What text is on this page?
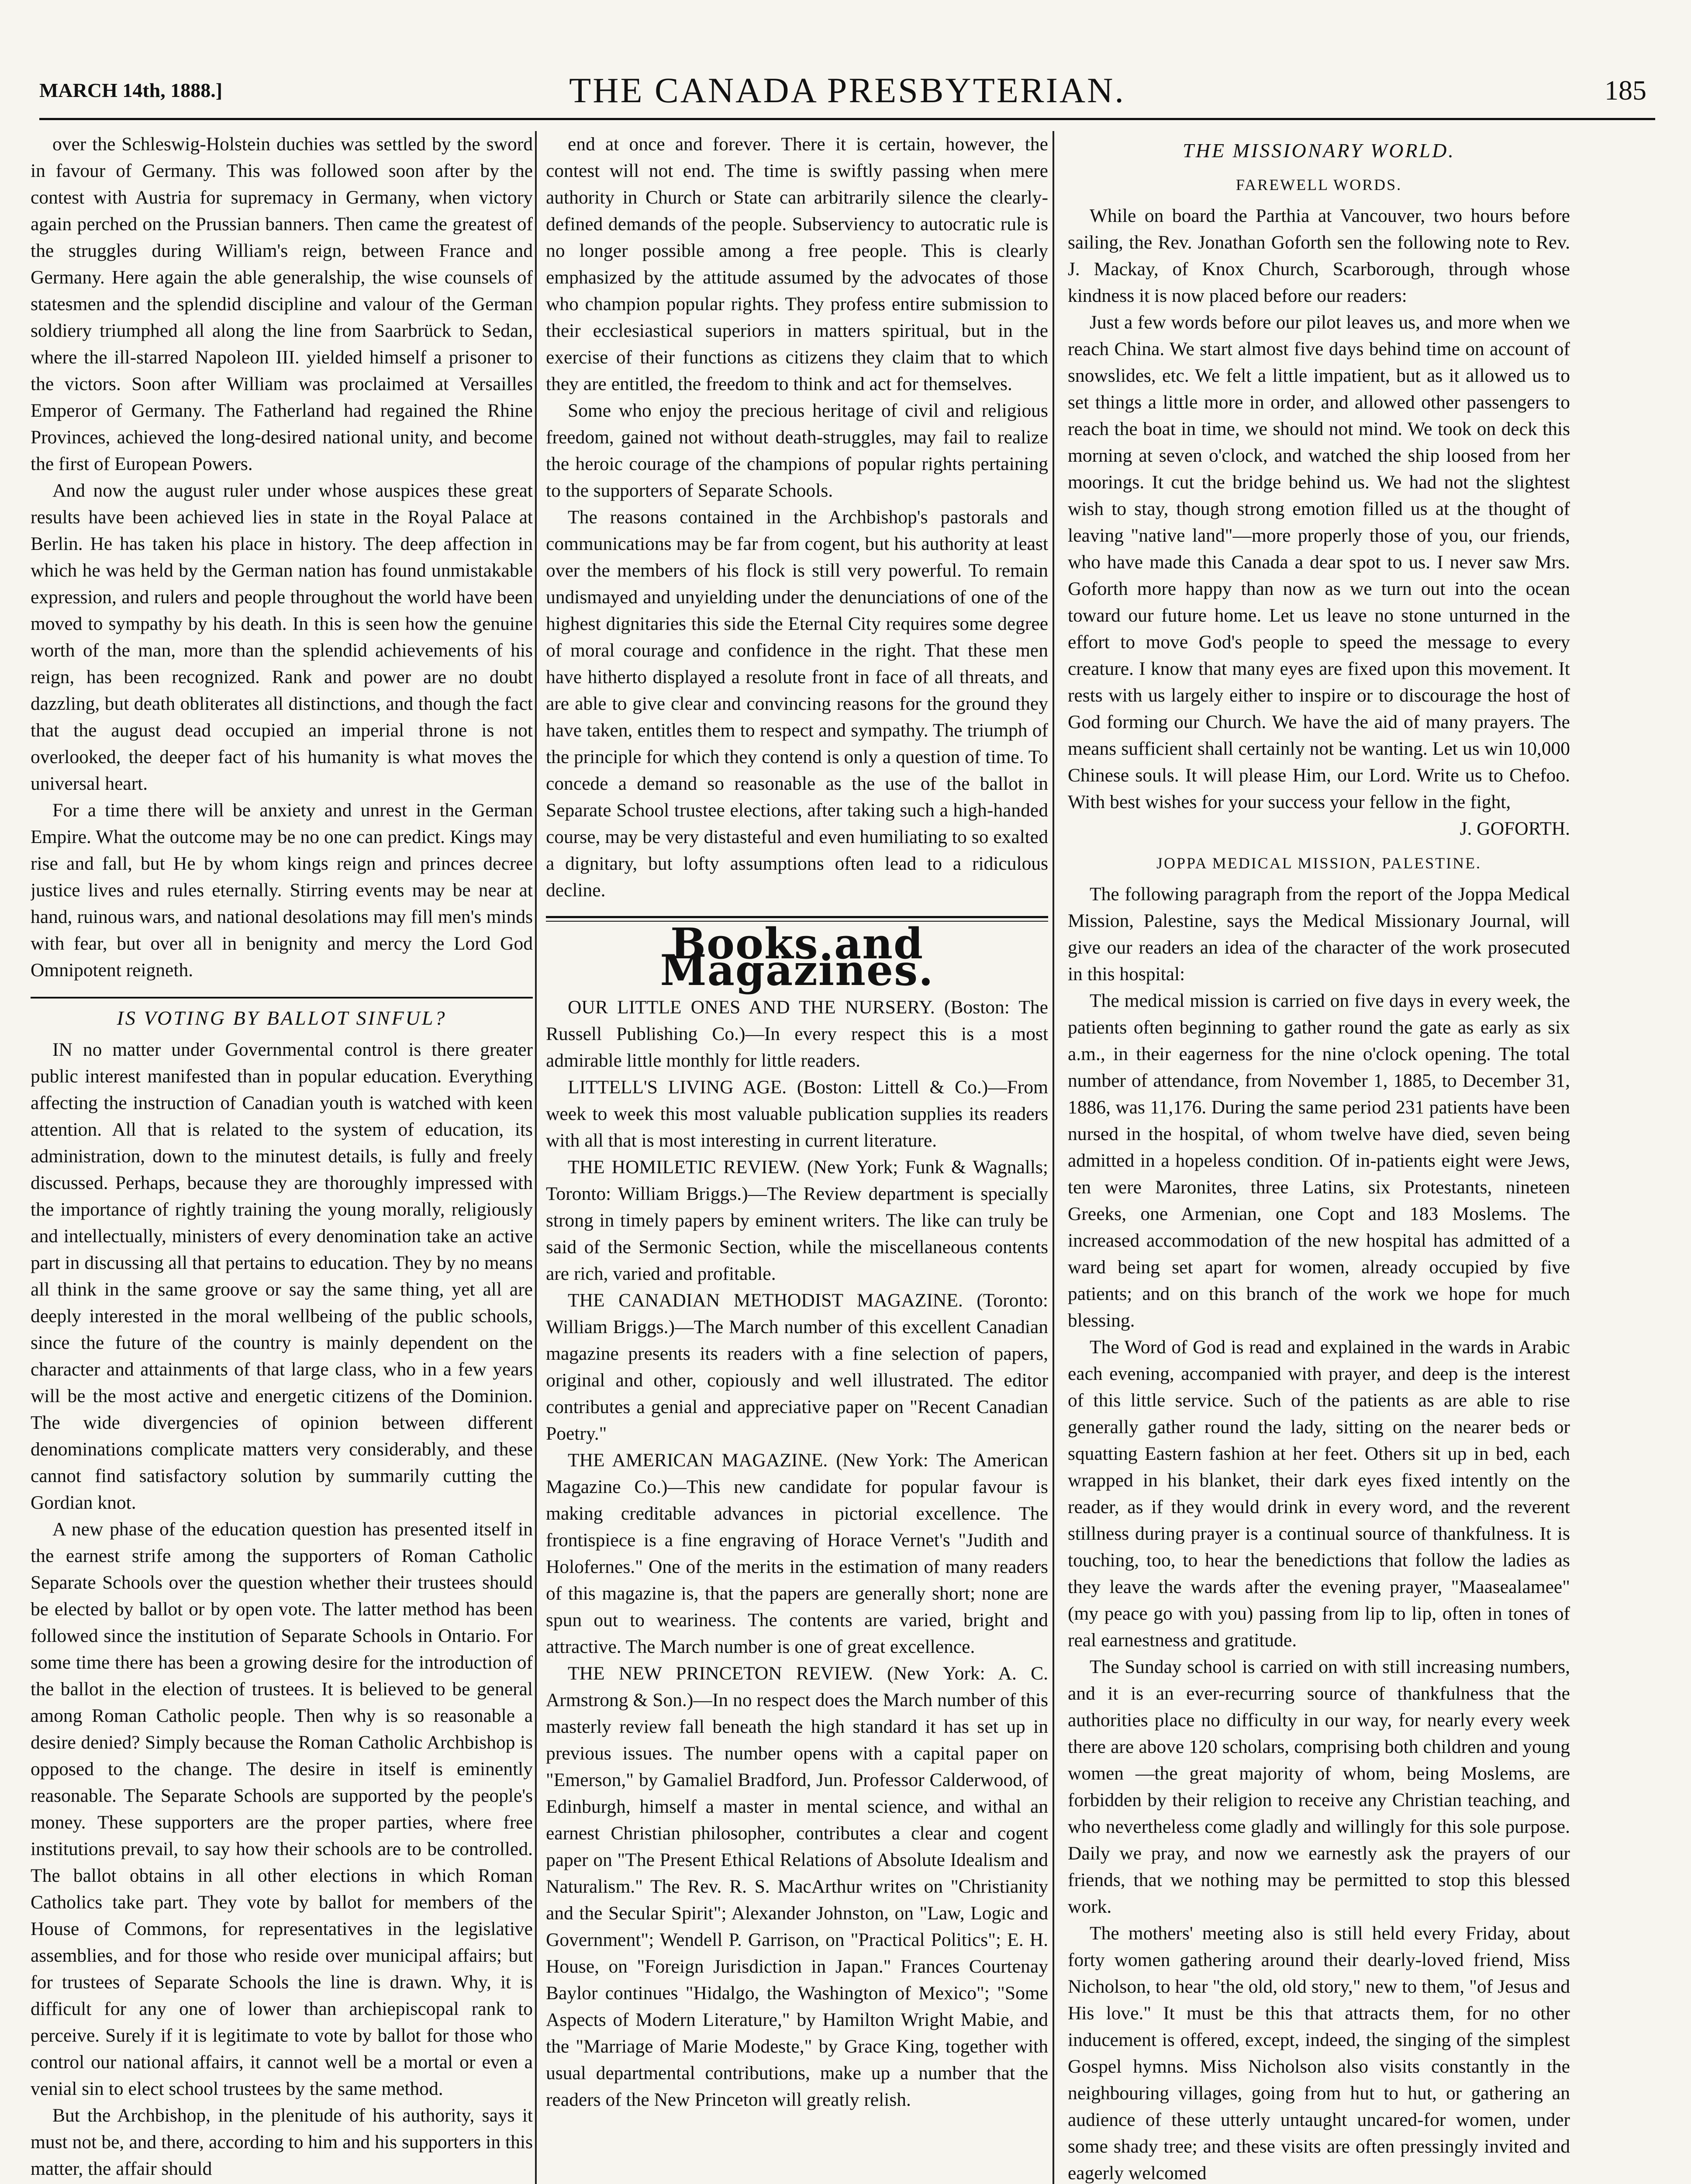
MARCH 14th, 1888.]	THE CANADA PRESBYTERIAN.	185

over the Schleswig-Holstein duchies was settled by the sword in favour of Germany. This was followed soon after by the contest with Austria for supremacy in Germany, when victory again perched on the Prussian banners. Then came the greatest of the struggles during William's reign, between France and Germany. Here again the able generalship, the wise counsels of statesmen and the splendid discipline and valour of the German soldiery triumphed all along the line from Saarbrück to Sedan, where the ill-starred Napoleon III. yielded himself a prisoner to the victors. Soon after William was proclaimed at Versailles Emperor of Germany. The Fatherland had regained the Rhine Provinces, achieved the long-desired national unity, and become the first of European Powers.

And now the august ruler under whose auspices these great results have been achieved lies in state in the Royal Palace at Berlin. He has taken his place in history. The deep affection in which he was held by the German nation has found unmistakable expression, and rulers and people throughout the world have been moved to sympathy by his death. In this is seen how the genuine worth of the man, more than the splendid achievements of his reign, has been recognized. Rank and power are no doubt dazzling, but death obliterates all distinctions, and though the fact that the august dead occupied an imperial throne is not overlooked, the deeper fact of his humanity is what moves the universal heart.

For a time there will be anxiety and unrest in the German Empire. What the outcome may be no one can predict. Kings may rise and fall, but He by whom kings reign and princes decree justice lives and rules eternally. Stirring events may be near at hand, ruinous wars, and national desolations may fill men's minds with fear, but over all in benignity and mercy the Lord God Omnipotent reigneth.

IS VOTING BY BALLOT SINFUL?

IN no matter under Governmental control is there greater public interest manifested than in popular education. Everything affecting the instruction of Canadian youth is watched with keen attention. All that is related to the system of education, its administration, down to the minutest details, is fully and freely discussed. Perhaps, because they are thoroughly impressed with the importance of rightly training the young morally, religiously and intellectually, ministers of every denomination take an active part in discussing all that pertains to education. They by no means all think in the same groove or say the same thing, yet all are deeply interested in the moral wellbeing of the public schools, since the future of the country is mainly dependent on the character and attainments of that large class, who in a few years will be the most active and energetic citizens of the Dominion. The wide divergencies of opinion between different denominations complicate matters very considerably, and these cannot find satisfactory solution by summarily cutting the Gordian knot.

A new phase of the education question has presented itself in the earnest strife among the supporters of Roman Catholic Separate Schools over the question whether their trustees should be elected by ballot or by open vote. The latter method has been followed since the institution of Separate Schools in Ontario. For some time there has been a growing desire for the introduction of the ballot in the election of trustees. It is believed to be general among Roman Catholic people. Then why is so reasonable a desire denied? Simply because the Roman Catholic Archbishop is opposed to the change. The desire in itself is eminently reasonable. The Separate Schools are supported by the people's money. These supporters are the proper parties, where free institutions prevail, to say how their schools are to be controlled. The ballot obtains in all other elections in which Roman Catholics take part. They vote by ballot for members of the House of Commons, for representatives in the legislative assemblies, and for those who reside over municipal affairs; but for trustees of Separate Schools the line is drawn. Why, it is difficult for any one of lower than archiepiscopal rank to perceive. Surely if it is legitimate to vote by ballot for those who control our national affairs, it cannot well be a mortal or even a venial sin to elect school trustees by the same method.

But the Archbishop, in the plenitude of his authority, says it must not be, and there, according to him and his supporters in this matter, the affair should

end at once and forever. There it is certain, however, the contest will not end. The time is swiftly passing when mere authority in Church or State can arbitrarily silence the clearly-defined demands of the people. Subserviency to autocratic rule is no longer possible among a free people. This is clearly emphasized by the attitude assumed by the advocates of those who champion popular rights. They profess entire submission to their ecclesiastical superiors in matters spiritual, but in the exercise of their functions as citizens they claim that to which they are entitled, the freedom to think and act for themselves.

Some who enjoy the precious heritage of civil and religious freedom, gained not without death-struggles, may fail to realize the heroic courage of the champions of popular rights pertaining to the supporters of Separate Schools.

The reasons contained in the Archbishop's pastorals and communications may be far from cogent, but his authority at least over the members of his flock is still very powerful. To remain undismayed and unyielding under the denunciations of one of the highest dignitaries this side the Eternal City requires some degree of moral courage and confidence in the right. That these men have hitherto displayed a resolute front in face of all threats, and are able to give clear and convincing reasons for the ground they have taken, entitles them to respect and sympathy. The triumph of the principle for which they contend is only a question of time. To concede a demand so reasonable as the use of the ballot in Separate School trustee elections, after taking such a high-handed course, may be very distasteful and even humiliating to so exalted a dignitary, but lofty assumptions often lead to a ridiculous decline.

Books and Magazines.

OUR LITTLE ONES AND THE NURSERY. (Boston: The Russell Publishing Co.)—In every respect this is a most admirable little monthly for little readers.

LITTELL'S LIVING AGE. (Boston: Littell & Co.)—From week to week this most valuable publication supplies its readers with all that is most interesting in current literature.

THE HOMILETIC REVIEW. (New York; Funk & Wagnalls; Toronto: William Briggs.)—The Review department is specially strong in timely papers by eminent writers. The like can truly be said of the Sermonic Section, while the miscellaneous contents are rich, varied and profitable.

THE CANADIAN METHODIST MAGAZINE. (Toronto: William Briggs.)—The March number of this excellent Canadian magazine presents its readers with a fine selection of papers, original and other, copiously and well illustrated. The editor contributes a genial and appreciative paper on "Recent Canadian Poetry."

THE AMERICAN MAGAZINE. (New York: The American Magazine Co.)—This new candidate for popular favour is making creditable advances in pictorial excellence. The frontispiece is a fine engraving of Horace Vernet's "Judith and Holofernes." One of the merits in the estimation of many readers of this magazine is, that the papers are generally short; none are spun out to weariness. The contents are varied, bright and attractive. The March number is one of great excellence.

THE NEW PRINCETON REVIEW. (New York: A. C. Armstrong & Son.)—In no respect does the March number of this masterly review fall beneath the high standard it has set up in previous issues. The number opens with a capital paper on "Emerson," by Gamaliel Bradford, Jun. Professor Calderwood, of Edinburgh, himself a master in mental science, and withal an earnest Christian philosopher, contributes a clear and cogent paper on "The Present Ethical Relations of Absolute Idealism and Naturalism." The Rev. R. S. MacArthur writes on "Christianity and the Secular Spirit"; Alexander Johnston, on "Law, Logic and Government"; Wendell P. Garrison, on "Practical Politics"; E. H. House, on "Foreign Jurisdiction in Japan." Frances Courtenay Baylor continues "Hidalgo, the Washington of Mexico"; "Some Aspects of Modern Literature," by Hamilton Wright Mabie, and the "Marriage of Marie Modeste," by Grace King, together with usual departmental contributions, make up a number that the readers of the New Princeton will greatly relish.

THE MISSIONARY WORLD.
FAREWELL WORDS.

While on board the Parthia at Vancouver, two hours before sailing, the Rev. Jonathan Goforth sen the following note to Rev. J. Mackay, of Knox Church, Scarborough, through whose kindness it is now placed before our readers:

Just a few words before our pilot leaves us, and more when we reach China. We start almost five days behind time on account of snowslides, etc. We felt a little impatient, but as it allowed us to set things a little more in order, and allowed other passengers to reach the boat in time, we should not mind. We took on deck this morning at seven o'clock, and watched the ship loosed from her moorings. It cut the bridge behind us. We had not the slightest wish to stay, though strong emotion filled us at the thought of leaving "native land"—more properly those of you, our friends, who have made this Canada a dear spot to us. I never saw Mrs. Goforth more happy than now as we turn out into the ocean toward our future home. Let us leave no stone unturned in the effort to move God's people to speed the message to every creature. I know that many eyes are fixed upon this movement. It rests with us largely either to inspire or to discourage the host of God forming our Church. We have the aid of many prayers. The means sufficient shall certainly not be wanting. Let us win 10,000 Chinese souls. It will please Him, our Lord. Write us to Chefoo. With best wishes for your success your fellow in the fight,

J. GOFORTH.
JOPPA MEDICAL MISSION, PALESTINE.

The following paragraph from the report of the Joppa Medical Mission, Palestine, says the Medical Missionary Journal, will give our readers an idea of the character of the work prosecuted in this hospital:

The medical mission is carried on five days in every week, the patients often beginning to gather round the gate as early as six a.m., in their eagerness for the nine o'clock opening. The total number of attendance, from November 1, 1885, to December 31, 1886, was 11,176. During the same period 231 patients have been nursed in the hospital, of whom twelve have died, seven being admitted in a hopeless condition. Of in-patients eight were Jews, ten were Maronites, three Latins, six Protestants, nineteen Greeks, one Armenian, one Copt and 183 Moslems. The increased accommodation of the new hospital has admitted of a ward being set apart for women, already occupied by five patients; and on this branch of the work we hope for much blessing.

The Word of God is read and explained in the wards in Arabic each evening, accompanied with prayer, and deep is the interest of this little service. Such of the patients as are able to rise generally gather round the lady, sitting on the nearer beds or squatting Eastern fashion at her feet. Others sit up in bed, each wrapped in his blanket, their dark eyes fixed intently on the reader, as if they would drink in every word, and the reverent stillness during prayer is a continual source of thankfulness. It is touching, too, to hear the benedictions that follow the ladies as they leave the wards after the evening prayer, "Maasealamee" (my peace go with you) passing from lip to lip, often in tones of real earnestness and gratitude.

The Sunday school is carried on with still increasing numbers, and it is an ever-recurring source of thankfulness that the authorities place no difficulty in our way, for nearly every week there are above 120 scholars, comprising both children and young women —the great majority of whom, being Moslems, are forbidden by their religion to receive any Christian teaching, and who nevertheless come gladly and willingly for this sole purpose. Daily we pray, and now we earnestly ask the prayers of our friends, that we nothing may be permitted to stop this blessed work.

The mothers' meeting also is still held every Friday, about forty women gathering around their dearly-loved friend, Miss Nicholson, to hear "the old, old story," new to them, "of Jesus and His love." It must be this that attracts them, for no other inducement is offered, except, indeed, the singing of the simplest Gospel hymns. Miss Nicholson also visits constantly in the neighbouring villages, going from hut to hut, or gathering an audience of these utterly untaught uncared-for women, under some shady tree; and these visits are often pressingly invited and eagerly welcomed
